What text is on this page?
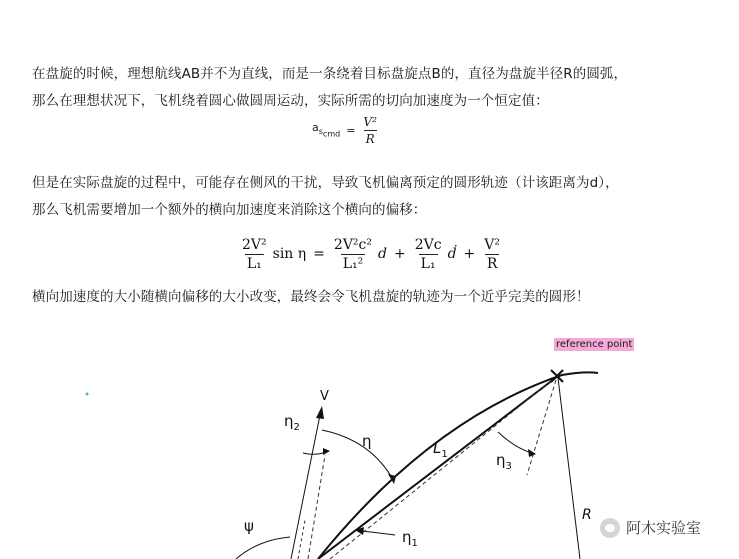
在盘旋的时候，理想航线AB并不为直线，而是一条绕着目标盘旋点B的，直径为盘旋半径R的圆弧，
那么在理想状况下，飞机绕着圆心做圆周运动，实际所需的切向加速度为一个恒定值：

$a_{s_{cmd}} = \frac{\text{V²}}{R}$

但是在实际盘旋的过程中，可能存在侧风的干扰，导致飞机偏离预定的圆形轨迹（计该距离为d），
那么飞机需要增加一个额外的横向加速度来消除这个横向的偏移：

$\frac{\text{2V²}}{\text{L₁}}$ $\sin \eta = \frac{\text{2V²c²}}{\text{L₁²}}$ $d + \frac{2Vc}{\text{L₁}}$ ḋ + $\frac{\text{V²}}{R}$

横向加速度的大小随横向偏移的大小改变，最终会令飞机盘旋的轨迹为一个近乎完美的圆形！

reference point
V
$\eta_2$
η	$L_1$	$\eta_3$
ψ
$\eta_1$
R
阿木实验室
